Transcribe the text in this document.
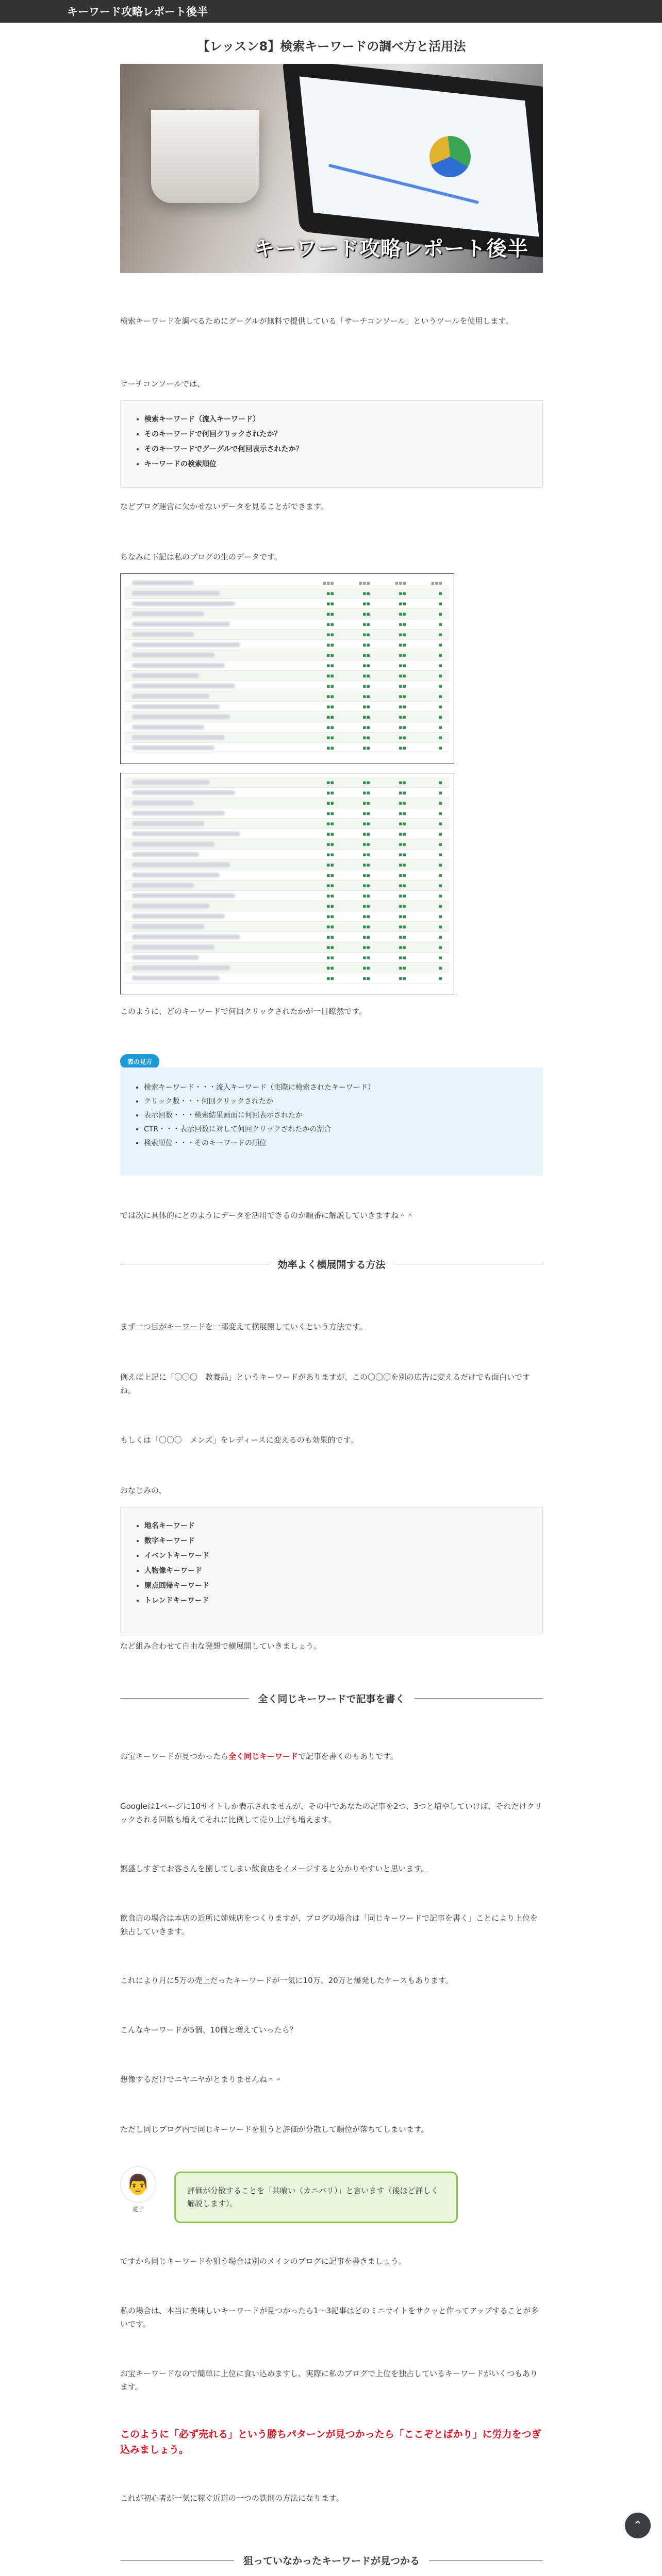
キーワード攻略レポート後半
【レッスン8】検索キーワードの調べ方と活用法
キーワード攻略レポート後半

検索キーワードを調べるためにグーグルが無料で提供している「サーチコンソール」というツールを使用します。

サーチコンソールでは、

• 検索キーワード（流入キーワード）
• そのキーワードで何回クリックされたか？
• そのキーワードでグーグルで何回表示されたか？
• キーワードの検索順位

などブログ運営に欠かせないデータを見ることができます。

ちなみに下記は私のブログの生のデータです。

▪▪▪	▪▪▪	▪▪▪	▪▪▪
▪▪	▪▪	▪▪	▪
▪▪	▪▪	▪▪	▪
▪▪	▪▪	▪▪	▪
▪▪	▪▪	▪▪	▪
▪▪	▪▪	▪▪	▪
▪▪	▪▪	▪▪	▪
▪▪	▪▪	▪▪	▪
▪▪	▪▪	▪▪	▪
▪▪	▪▪	▪▪	▪
▪▪	▪▪	▪▪	▪
▪▪	▪▪	▪▪	▪
▪▪	▪▪	▪▪	▪
▪▪	▪▪	▪▪	▪
▪▪	▪▪	▪▪	▪
▪▪	▪▪	▪▪	▪
▪▪	▪▪	▪▪	▪
▪▪	▪▪	▪▪	▪
▪▪	▪▪	▪▪	▪
▪▪	▪▪	▪▪	▪
▪▪	▪▪	▪▪	▪
▪▪	▪▪	▪▪	▪
▪▪	▪▪	▪▪	▪
▪▪	▪▪	▪▪	▪
▪▪	▪▪	▪▪	▪
▪▪	▪▪	▪▪	▪
▪▪	▪▪	▪▪	▪
▪▪	▪▪	▪▪	▪
▪▪	▪▪	▪▪	▪
▪▪	▪▪	▪▪	▪
▪▪	▪▪	▪▪	▪
▪▪	▪▪	▪▪	▪
▪▪	▪▪	▪▪	▪
▪▪	▪▪	▪▪	▪
▪▪	▪▪	▪▪	▪
▪▪	▪▪	▪▪	▪
▪▪	▪▪	▪▪	▪

このように、どのキーワードで何回クリックされたかが一目瞭然です。

表の見方
• 検索キーワード・・・流入キーワード（実際に検索されたキーワード）
• クリック数・・・何回クリックされたか
• 表示回数・・・検索結果画面に何回表示されたか
• CTR・・・表示回数に対して何回クリックされたかの割合
• 検索順位・・・そのキーワードの順位

では次に具体的にどのようにデータを活用できるのか順番に解説していきますね＾＾

効率よく横展開する方法

まず一つ目がキーワードを一部変えて横展開していくという方法です。

例えば上記に「〇〇〇　教養品」というキーワードがありますが、この〇〇〇を別の広告に変えるだけでも面白いですね。

もしくは「〇〇〇　メンズ」をレディースに変えるのも効果的です。

おなじみの、

• 地名キーワード
• 数字キーワード
• イベントキーワード
• 人物像キーワード
• 原点回帰キーワード
• トレンドキーワード

など組み合わせて自由な発想で横展開していきましょう。

全く同じキーワードで記事を書く

お宝キーワードが見つかったら全く同じキーワードで記事を書くのもありです。

Googleは1ページに10サイトしか表示されませんが、その中であなたの記事を2つ、3つと増やしていけば、それだけクリックされる回数も増えてそれに比例して売り上げも増えます。

繁盛しすぎてお客さんを捌してしまい飲食店をイメージすると分かりやすいと思います。

飲食店の場合は本店の近所に姉妹店をつくりますが、ブログの場合は「同じキーワードで記事を書く」ことにより上位を独占していきます。

これにより月に5万の売上だったキーワードが一気に10万、20万と爆発したケースもあります。

こんなキーワードが5個、10個と増えていったら？

想像するだけでニヤニヤがとまりませんね＾＾

ただし同じブログ内で同じキーワードを狙うと評価が分散して順位が落ちてしまいます。

👨
花子
評価が分散することを「共喰い（カニバリ）」と言います（後ほど詳しく解説します）。

ですから同じキーワードを狙う場合は別のメインのブログに記事を書きましょう。

私の場合は、本当に美味しいキーワードが見つかったら1～3記事はどのミニサイトをサクッと作ってアップすることが多いです。

お宝キーワードなので簡単に上位に食い込めますし、実際に私のブログで上位を独占しているキーワードがいくつもあります。

このように「必ず売れる」という勝ちパターンが見つかったら「ここぞとばかり」に労力をつぎ込みましょう。

これが初心者が一気に稼ぐ近道の一つの鉄則の方法になります。

狙っていなかったキーワードが見つかる

⌃
